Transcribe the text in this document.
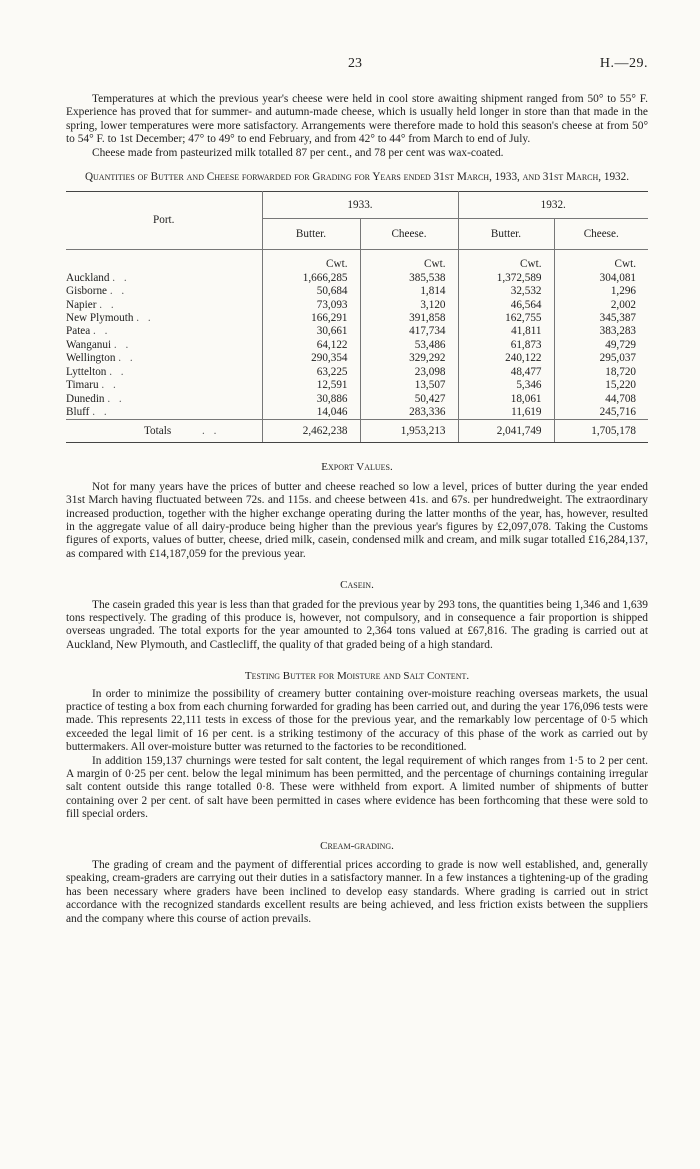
23	H.—29.

Temperatures at which the previous year's cheese were held in cool store awaiting shipment ranged from 50° to 55° F. Experience has proved that for summer- and autumn-made cheese, which is usually held longer in store than that made in the spring, lower temperatures were more satisfactory. Arrangements were therefore made to hold this season's cheese at from 50° to 54° F. to 1st December; 47° to 49° to end February, and from 42° to 44° from March to end of July.

Cheese made from pasteurized milk totalled 87 per cent., and 78 per cent was wax-coated.

Quantities of Butter and Cheese forwarded for Grading for Years ended 31st March, 1933, and 31st March, 1932.
Port.	1933.		1932.	
	Butter.	Cheese.	Butter.	Cheese.
	Cwt.	Cwt.	Cwt.	Cwt.
Auckland . .	1,666,285	385,538	1,372,589	304,081
Gisborne . .	50,684	1,814	32,532	1,296
Napier . .	73,093	3,120	46,564	2,002
New Plymouth . .	166,291	391,858	162,755	345,387
Patea . .	30,661	417,734	41,811	383,283
Wanganui . .	64,122	53,486	61,873	49,729
Wellington . .	290,354	329,292	240,122	295,037
Lyttelton . .	63,225	23,098	48,477	18,720
Timaru . .	12,591	13,507	5,346	15,220
Dunedin . .	30,886	50,427	18,061	44,708
Bluff . .	14,046	283,336	11,619	245,716
Totals . .	2,462,238	1,953,213	2,041,749	1,705,178

Export Values.

Not for many years have the prices of butter and cheese reached so low a level, prices of butter during the year ended 31st March having fluctuated between 72s. and 115s. and cheese between 41s. and 67s. per hundredweight. The extraordinary increased production, together with the higher exchange operating during the latter months of the year, has, however, resulted in the aggregate value of all dairy-produce being higher than the previous year's figures by £2,097,078. Taking the Customs figures of exports, values of butter, cheese, dried milk, casein, condensed milk and cream, and milk sugar totalled £16,284,137, as compared with £14,187,059 for the previous year.

Casein.

The casein graded this year is less than that graded for the previous year by 293 tons, the quantities being 1,346 and 1,639 tons respectively. The grading of this produce is, however, not compulsory, and in consequence a fair proportion is shipped overseas ungraded. The total exports for the year amounted to 2,364 tons valued at £67,816. The grading is carried out at Auckland, New Plymouth, and Castlecliff, the quality of that graded being of a high standard.

Testing Butter for Moisture and Salt Content.

In order to minimize the possibility of creamery butter containing over-moisture reaching overseas markets, the usual practice of testing a box from each churning forwarded for grading has been carried out, and during the year 176,096 tests were made. This represents 22,111 tests in excess of those for the previous year, and the remarkably low percentage of 0·5 which exceeded the legal limit of 16 per cent. is a striking testimony of the accuracy of this phase of the work as carried out by buttermakers. All over-moisture butter was returned to the factories to be reconditioned.

In addition 159,137 churnings were tested for salt content, the legal requirement of which ranges from 1·5 to 2 per cent. A margin of 0·25 per cent. below the legal minimum has been permitted, and the percentage of churnings containing irregular salt content outside this range totalled 0·8. These were withheld from export. A limited number of shipments of butter containing over 2 per cent. of salt have been permitted in cases where evidence has been forthcoming that these were sold to fill special orders.

Cream-grading.

The grading of cream and the payment of differential prices according to grade is now well established, and, generally speaking, cream-graders are carrying out their duties in a satisfactory manner. In a few instances a tightening-up of the grading has been necessary where graders have been inclined to develop easy standards. Where grading is carried out in strict accordance with the recognized standards excellent results are being achieved, and less friction exists between the suppliers and the company where this course of action prevails.
